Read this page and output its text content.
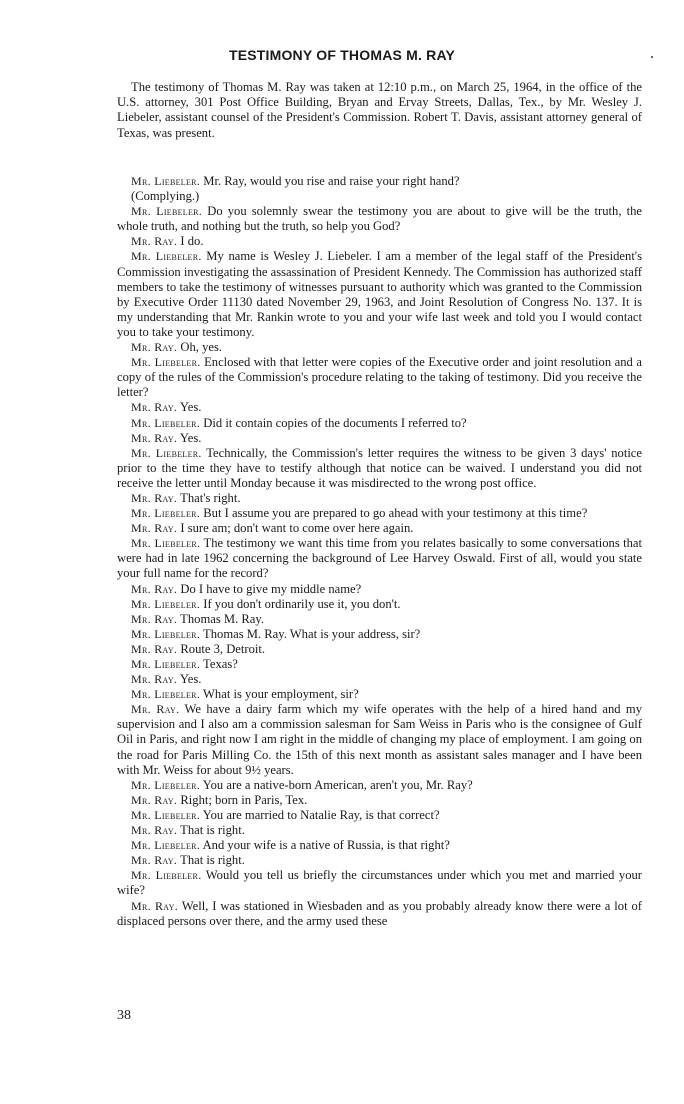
TESTIMONY OF THOMAS M. RAY

The testimony of Thomas M. Ray was taken at 12:10 p.m., on March 25, 1964, in the office of the U.S. attorney, 301 Post Office Building, Bryan and Ervay Streets, Dallas, Tex., by Mr. Wesley J. Liebeler, assistant counsel of the President's Commission. Robert T. Davis, assistant attorney general of Texas, was present.

Mr. Liebeler. Mr. Ray, would you rise and raise your right hand?

(Complying.)

Mr. Liebeler. Do you solemnly swear the testimony you are about to give will be the truth, the whole truth, and nothing but the truth, so help you God?

Mr. Ray. I do.

Mr. Liebeler. My name is Wesley J. Liebeler. I am a member of the legal staff of the President's Commission investigating the assassination of President Kennedy. The Commission has authorized staff members to take the testimony of witnesses pursuant to authority which was granted to the Commission by Executive Order 11130 dated November 29, 1963, and Joint Resolution of Congress No. 137. It is my understanding that Mr. Rankin wrote to you and your wife last week and told you I would contact you to take your testimony.

Mr. Ray. Oh, yes.

Mr. Liebeler. Enclosed with that letter were copies of the Executive order and joint resolution and a copy of the rules of the Commission's procedure relating to the taking of testimony. Did you receive the letter?

Mr. Ray. Yes.

Mr. Liebeler. Did it contain copies of the documents I referred to?

Mr. Ray. Yes.

Mr. Liebeler. Technically, the Commission's letter requires the witness to be given 3 days' notice prior to the time they have to testify although that notice can be waived. I understand you did not receive the letter until Monday because it was misdirected to the wrong post office.

Mr. Ray. That's right.

Mr. Liebeler. But I assume you are prepared to go ahead with your testimony at this time?

Mr. Ray. I sure am; don't want to come over here again.

Mr. Liebeler. The testimony we want this time from you relates basically to some conversations that were had in late 1962 concerning the background of Lee Harvey Oswald. First of all, would you state your full name for the record?

Mr. Ray. Do I have to give my middle name?

Mr. Liebeler. If you don't ordinarily use it, you don't.

Mr. Ray. Thomas M. Ray.

Mr. Liebeler. Thomas M. Ray. What is your address, sir?

Mr. Ray. Route 3, Detroit.

Mr. Liebeler. Texas?

Mr. Ray. Yes.

Mr. Liebeler. What is your employment, sir?

Mr. Ray. We have a dairy farm which my wife operates with the help of a hired hand and my supervision and I also am a commission salesman for Sam Weiss in Paris who is the consignee of Gulf Oil in Paris, and right now I am right in the middle of changing my place of employment. I am going on the road for Paris Milling Co. the 15th of this next month as assistant sales manager and I have been with Mr. Weiss for about 9½ years.

Mr. Liebeler. You are a native-born American, aren't you, Mr. Ray?

Mr. Ray. Right; born in Paris, Tex.

Mr. Liebeler. You are married to Natalie Ray, is that correct?

Mr. Ray. That is right.

Mr. Liebeler. And your wife is a native of Russia, is that right?

Mr. Ray. That is right.

Mr. Liebeler. Would you tell us briefly the circumstances under which you met and married your wife?

Mr. Ray. Well, I was stationed in Wiesbaden and as you probably already know there were a lot of displaced persons over there, and the army used these

38
